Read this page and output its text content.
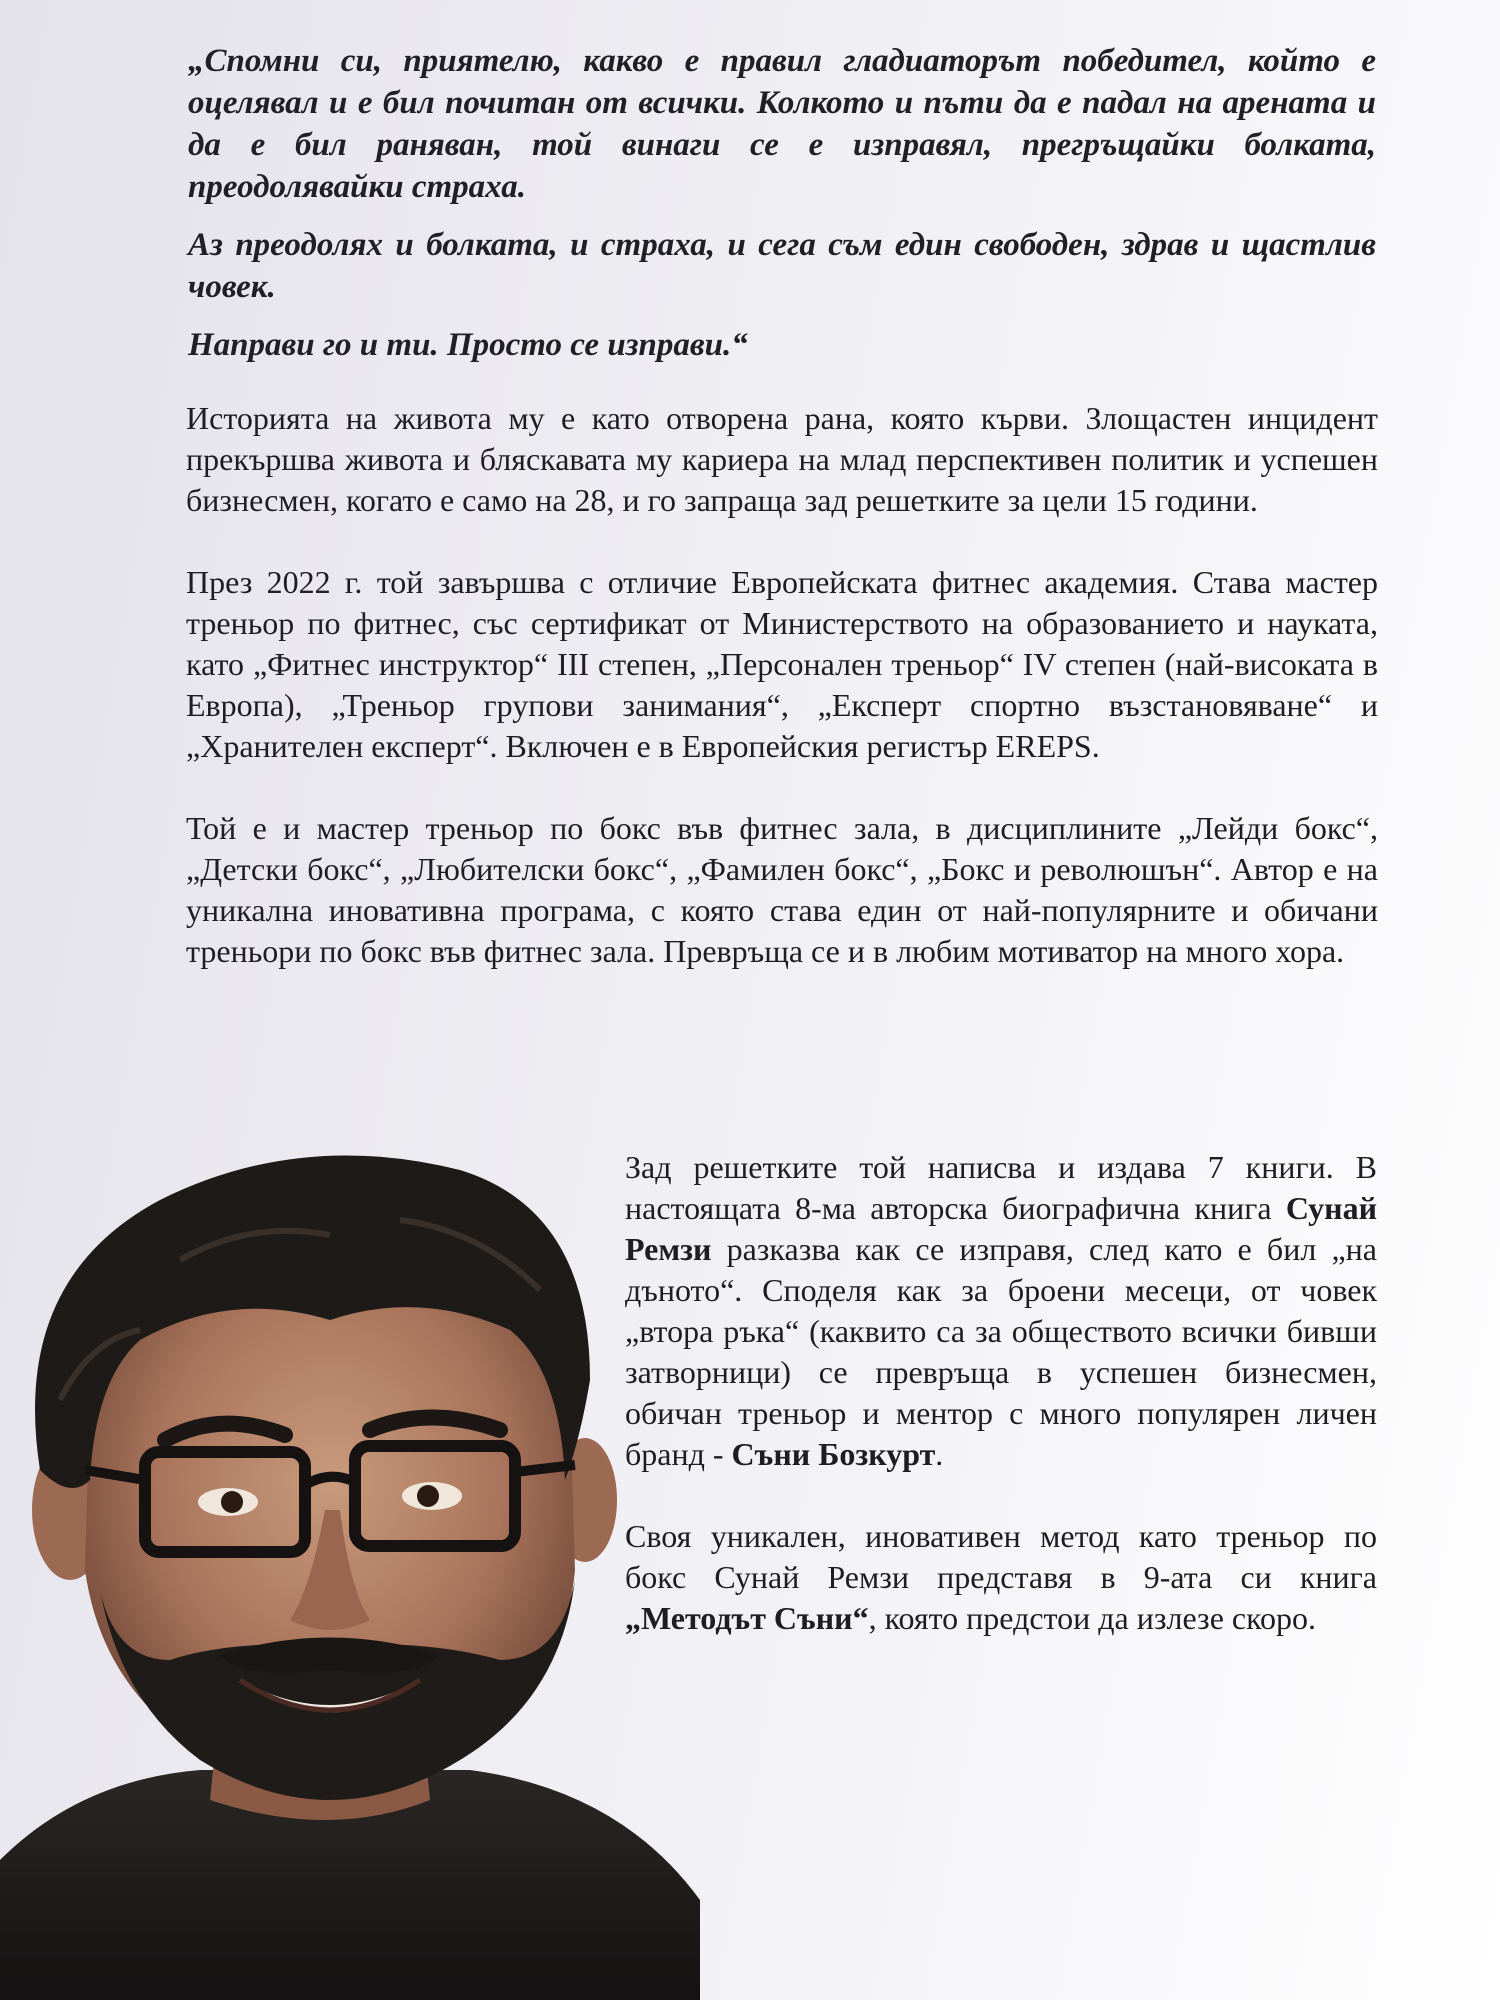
„Спомни си, приятелю, какво е правил гладиаторът победител, който е оцелявал и е бил почитан от всички. Колкото и пъти да е падал на арената и да е бил раняван, той винаги се е изправял, прегръщайки болката, преодолявайки страха.

Аз преодолях и болката, и страха, и сега съм един свободен, здрав и щастлив човек.

Направи го и ти. Просто се изправи.“

Историята на живота му е като отворена рана, която кърви. Злощастен инцидент прекършва живота и бляскавата му кариера на млад перспективен политик и успешен бизнесмен, когато е само на 28, и го запраща зад решетките за цели 15 години.

През 2022 г. той завършва с отличие Европейската фитнес академия. Става мастер треньор по фитнес, със сертификат от Министерството на образованието и науката, като „Фитнес инструктор“ III степен, „Персонален треньор“ IV степен (най-високата в Европа), „Треньор групови занимания“, „Експерт спортно възстановяване“ и „Хранителен експерт“. Включен е в Европейския регистър EREPS.

Той е и мастер треньор по бокс във фитнес зала, в дисциплините „Лейди бокс“, „Детски бокс“, „Любителски бокс“, „Фамилен бокс“, „Бокс и революшън“. Автор е на уникална иновативна програма, с която става един от най-популярните и обичани треньори по бокс във фитнес зала. Превръща се и в любим мотиватор на много хора.

Зад решетките той написва и издава 7 книги. В настоящата 8-ма авторска биографична книга Сунай Ремзи разказва как се изправя, след като е бил „на дъното“. Споделя как за броени месеци, от човек „втора ръка“ (каквито са за обществото всички бивши затворници) се превръща в успешен бизнесмен, обичан треньор и ментор с много популярен личен бранд - Съни Бозкурт.

Своя уникален, иновативен метод като треньор по бокс Сунай Ремзи представя в 9-ата си книга „Методът Съни“, която предстои да излезе скоро.
